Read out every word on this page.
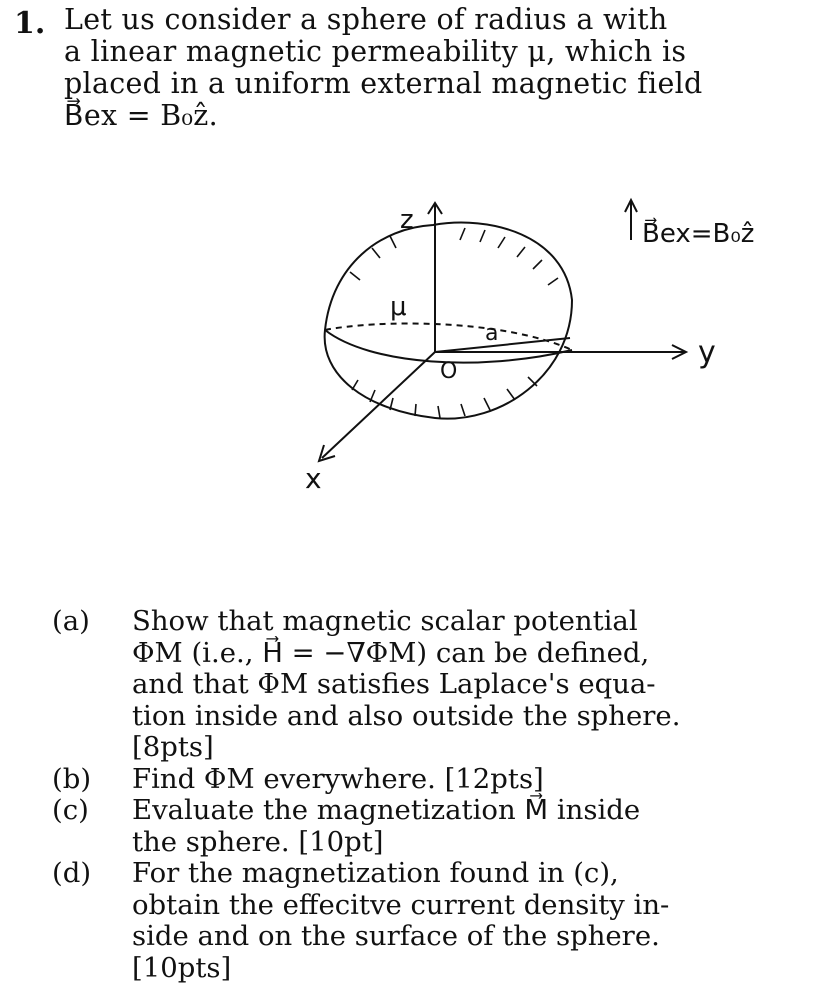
1. Let us consider a sphere of radius a with
a linear magnetic permeability μ, which is
placed in a uniform external magnetic field
B⃗ex = B₀ẑ.
z
y
x
μ
O
a
B⃗ex=B₀ẑ
(a) Show that magnetic scalar potential
ΦM (i.e., H⃗ = −∇ΦM) can be defined,
and that ΦM satisfies Laplace's equa-
tion inside and also outside the sphere.
[8pts]
(b) Find ΦM everywhere. [12pts]
(c) Evaluate the magnetization M⃗ inside
the sphere. [10pt]
(d) For the magnetization found in (c),
obtain the effecitve current density in-
side and on the surface of the sphere.
[10pts]
